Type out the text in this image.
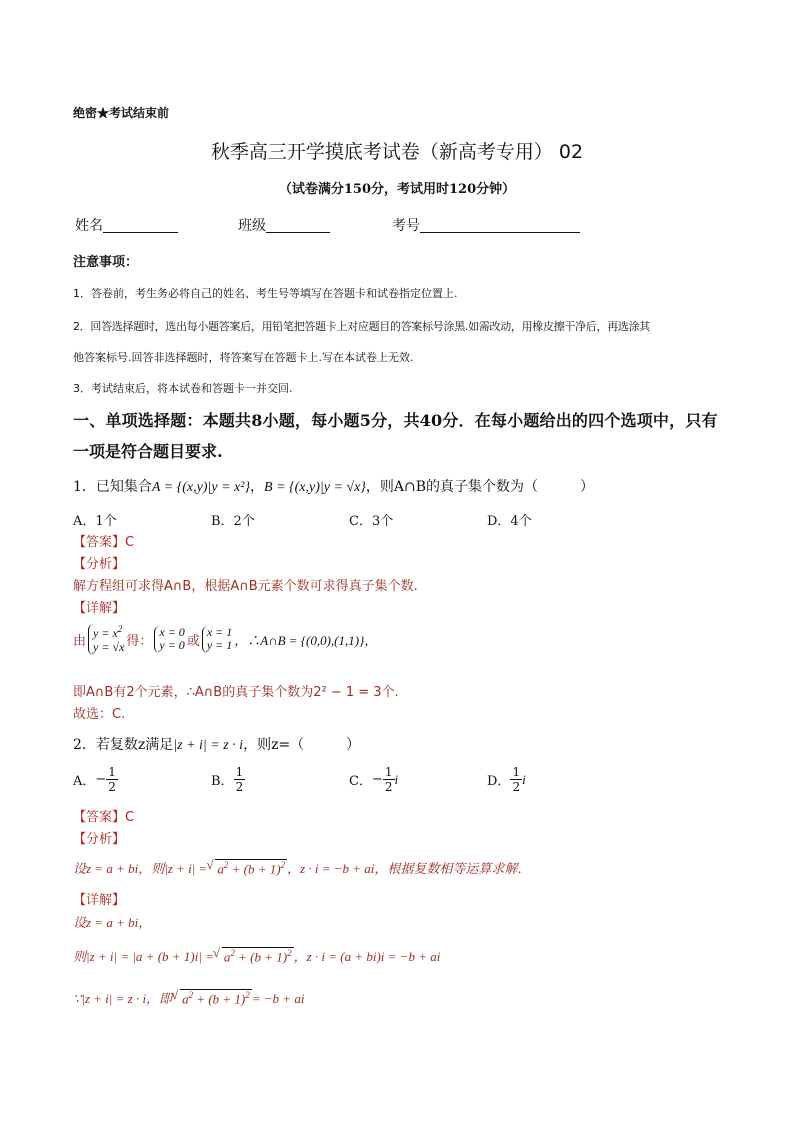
绝密★考试结束前
秋季高三开学摸底考试卷（新高考专用） 02
（试卷满分150分，考试用时120分钟）
姓名	班级	考号
注意事项：
1．答卷前，考生务必将自己的姓名、考生号等填写在答题卡和试卷指定位置上.
2．回答选择题时，选出每小题答案后，用铅笔把答题卡上对应题目的答案标号涂黑.如需改动，用橡皮擦干净后，再选涂其
他答案标号.回答非选择题时，将答案写在答题卡上.写在本试卷上无效.
3．考试结束后，将本试卷和答题卡一并交回.
一、单项选择题：本题共8小题，每小题5分，共40分．在每小题给出的四个选项中，只有
一项是符合题目要求.
1．已知集合A = {(x,y)|y = x²}，B = {(x,y)|y = √x}，则A∩B的真子集个数为（　　　）
A．1个	B．2个	C．3个	D．4个
【答案】C
【分析】
解方程组可求得A∩B，根据A∩B元素个数可求得真子集个数.
【详解】
由
$y = x^2$
y = √x 得：
x = 0
y = 0 或
x = 1
y = 1 ，∴A∩B = {(0,0),(1,1)}，
即A∩B有2个元素，∴A∩B的真子集个数为2² − 1 = 3个.
故选：C.
2．若复数z满足|z + i| = z · i，则z=（　　　）
A． − $\frac{1}{2}$	B． $\frac{1}{2}$	C． − $\frac{1}{2}$ i	D． $\frac{1}{2}$ i
【答案】C
【分析】
设z = a + bi，则|z + i| = √ $a^2 + (b + 1)^2$ ，z · i = −b + ai，根据复数相等运算求解．
【详解】
设z = a + bi，
则|z + i| = |a + (b + 1)i| = √ $a^2 + (b + 1)^2$ ，z · i = (a + bi)i = −b + ai
∵|z + i| = z · i，即 √ $a^2 + (b + 1)^2 = -b$ + ai
